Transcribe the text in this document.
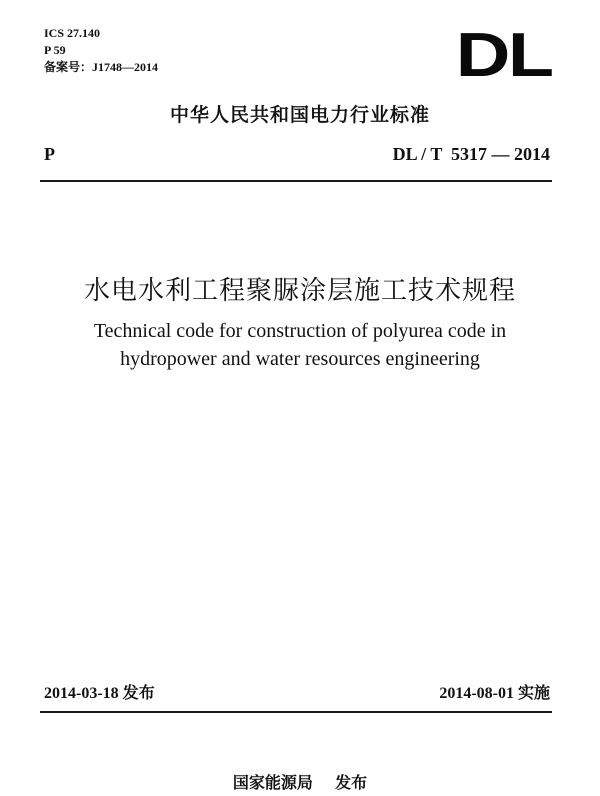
ICS 27.140
P 59
备案号：J1748—2014	DL
中华人民共和国电力行业标准
P	DL / T  5317 — 2014
水电水利工程聚脲涂层施工技术规程
Technical code for construction of polyurea code in
hydropower and water resources engineering
2014-03-18 发布	2014-08-01 实施
国家能源局 发布
